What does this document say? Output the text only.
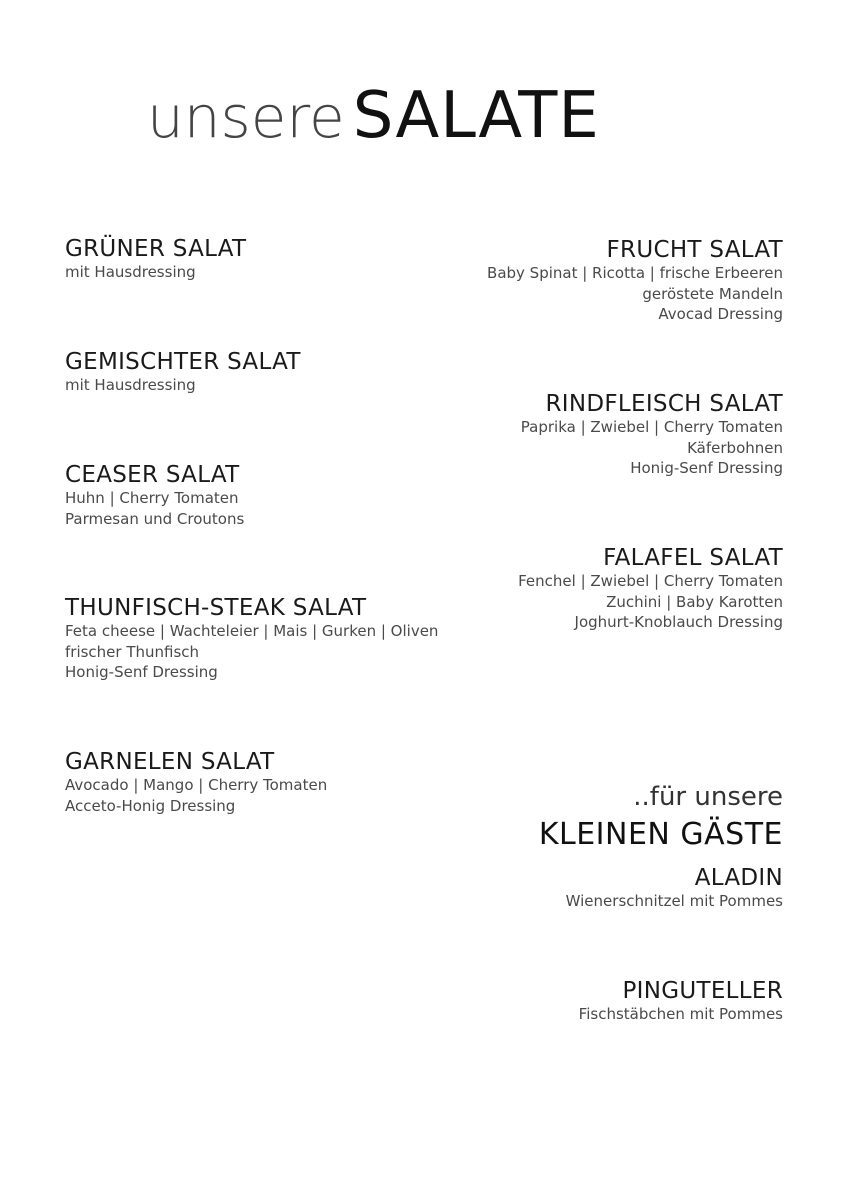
unsere SALATE
GRÜNER SALAT
mit Hausdressing
GEMISCHTER SALAT
mit Hausdressing
CEASER SALAT
Huhn | Cherry Tomaten
Parmesan und Croutons
THUNFISCH-STEAK SALAT
Feta cheese | Wachteleier | Mais | Gurken | Oliven
frischer Thunfisch
Honig-Senf Dressing
GARNELEN SALAT
Avocado | Mango | Cherry Tomaten
Acceto-Honig Dressing
FRUCHT SALAT
Baby Spinat | Ricotta | frische Erbeeren
geröstete Mandeln
Avocad Dressing
RINDFLEISCH SALAT
Paprika | Zwiebel | Cherry Tomaten
Käferbohnen
Honig-Senf Dressing
FALAFEL SALAT
Fenchel | Zwiebel | Cherry Tomaten
Zuchini | Baby Karotten
Joghurt-Knoblauch Dressing
..für unsere
KLEINEN GÄSTE
ALADIN
Wienerschnitzel mit Pommes
PINGUTELLER
Fischstäbchen mit Pommes
